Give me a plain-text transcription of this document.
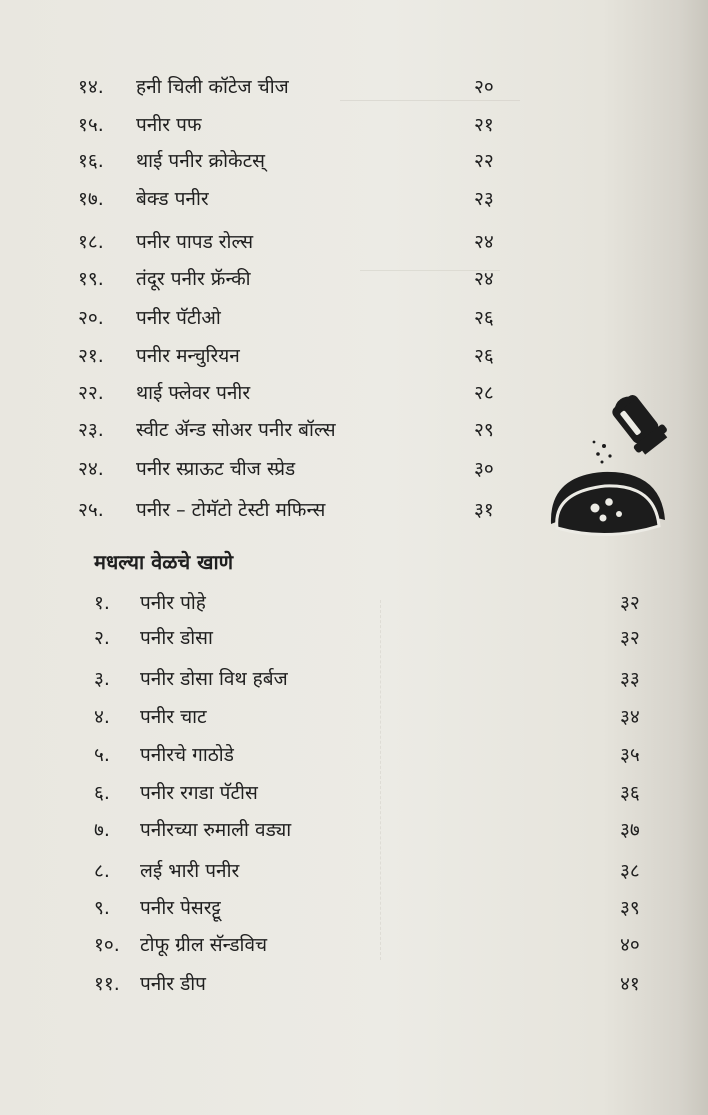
१४.	हनी चिली कॉटेज चीज	२०
१५.	पनीर पफ	२१
१६.	थाई पनीर क्रोकेटस्	२२
१७.	बेक्ड पनीर	२३
१८.	पनीर पापड रोल्स	२४
१९.	तंदूर पनीर फ्रॅन्की	२४
२०.	पनीर पॅटीओ	२६
२१.	पनीर मन्चुरियन	२६
२२.	थाई फ्लेवर पनीर	२८
२३.	स्वीट ॲन्ड सोअर पनीर बॉल्स	२९
२४.	पनीर स्प्राऊट चीज स्प्रेड	३०
२५.	पनीर – टोमॅटो टेस्टी मफिन्स	३१
मधल्या वेळचे खाणे
१.	पनीर पोहे	३२
२.	पनीर डोसा	३२
३.	पनीर डोसा विथ हर्बज	३३
४.	पनीर चाट	३४
५.	पनीरचे गाठोडे	३५
६.	पनीर रगडा पॅटीस	३६
७.	पनीरच्या रुमाली वड्या	३७
८.	लई भारी पनीर	३८
९.	पनीर पेसरट्टू	३९
१०.	टोफू ग्रील सॅन्डविच	४०
११.	पनीर डीप	४१
